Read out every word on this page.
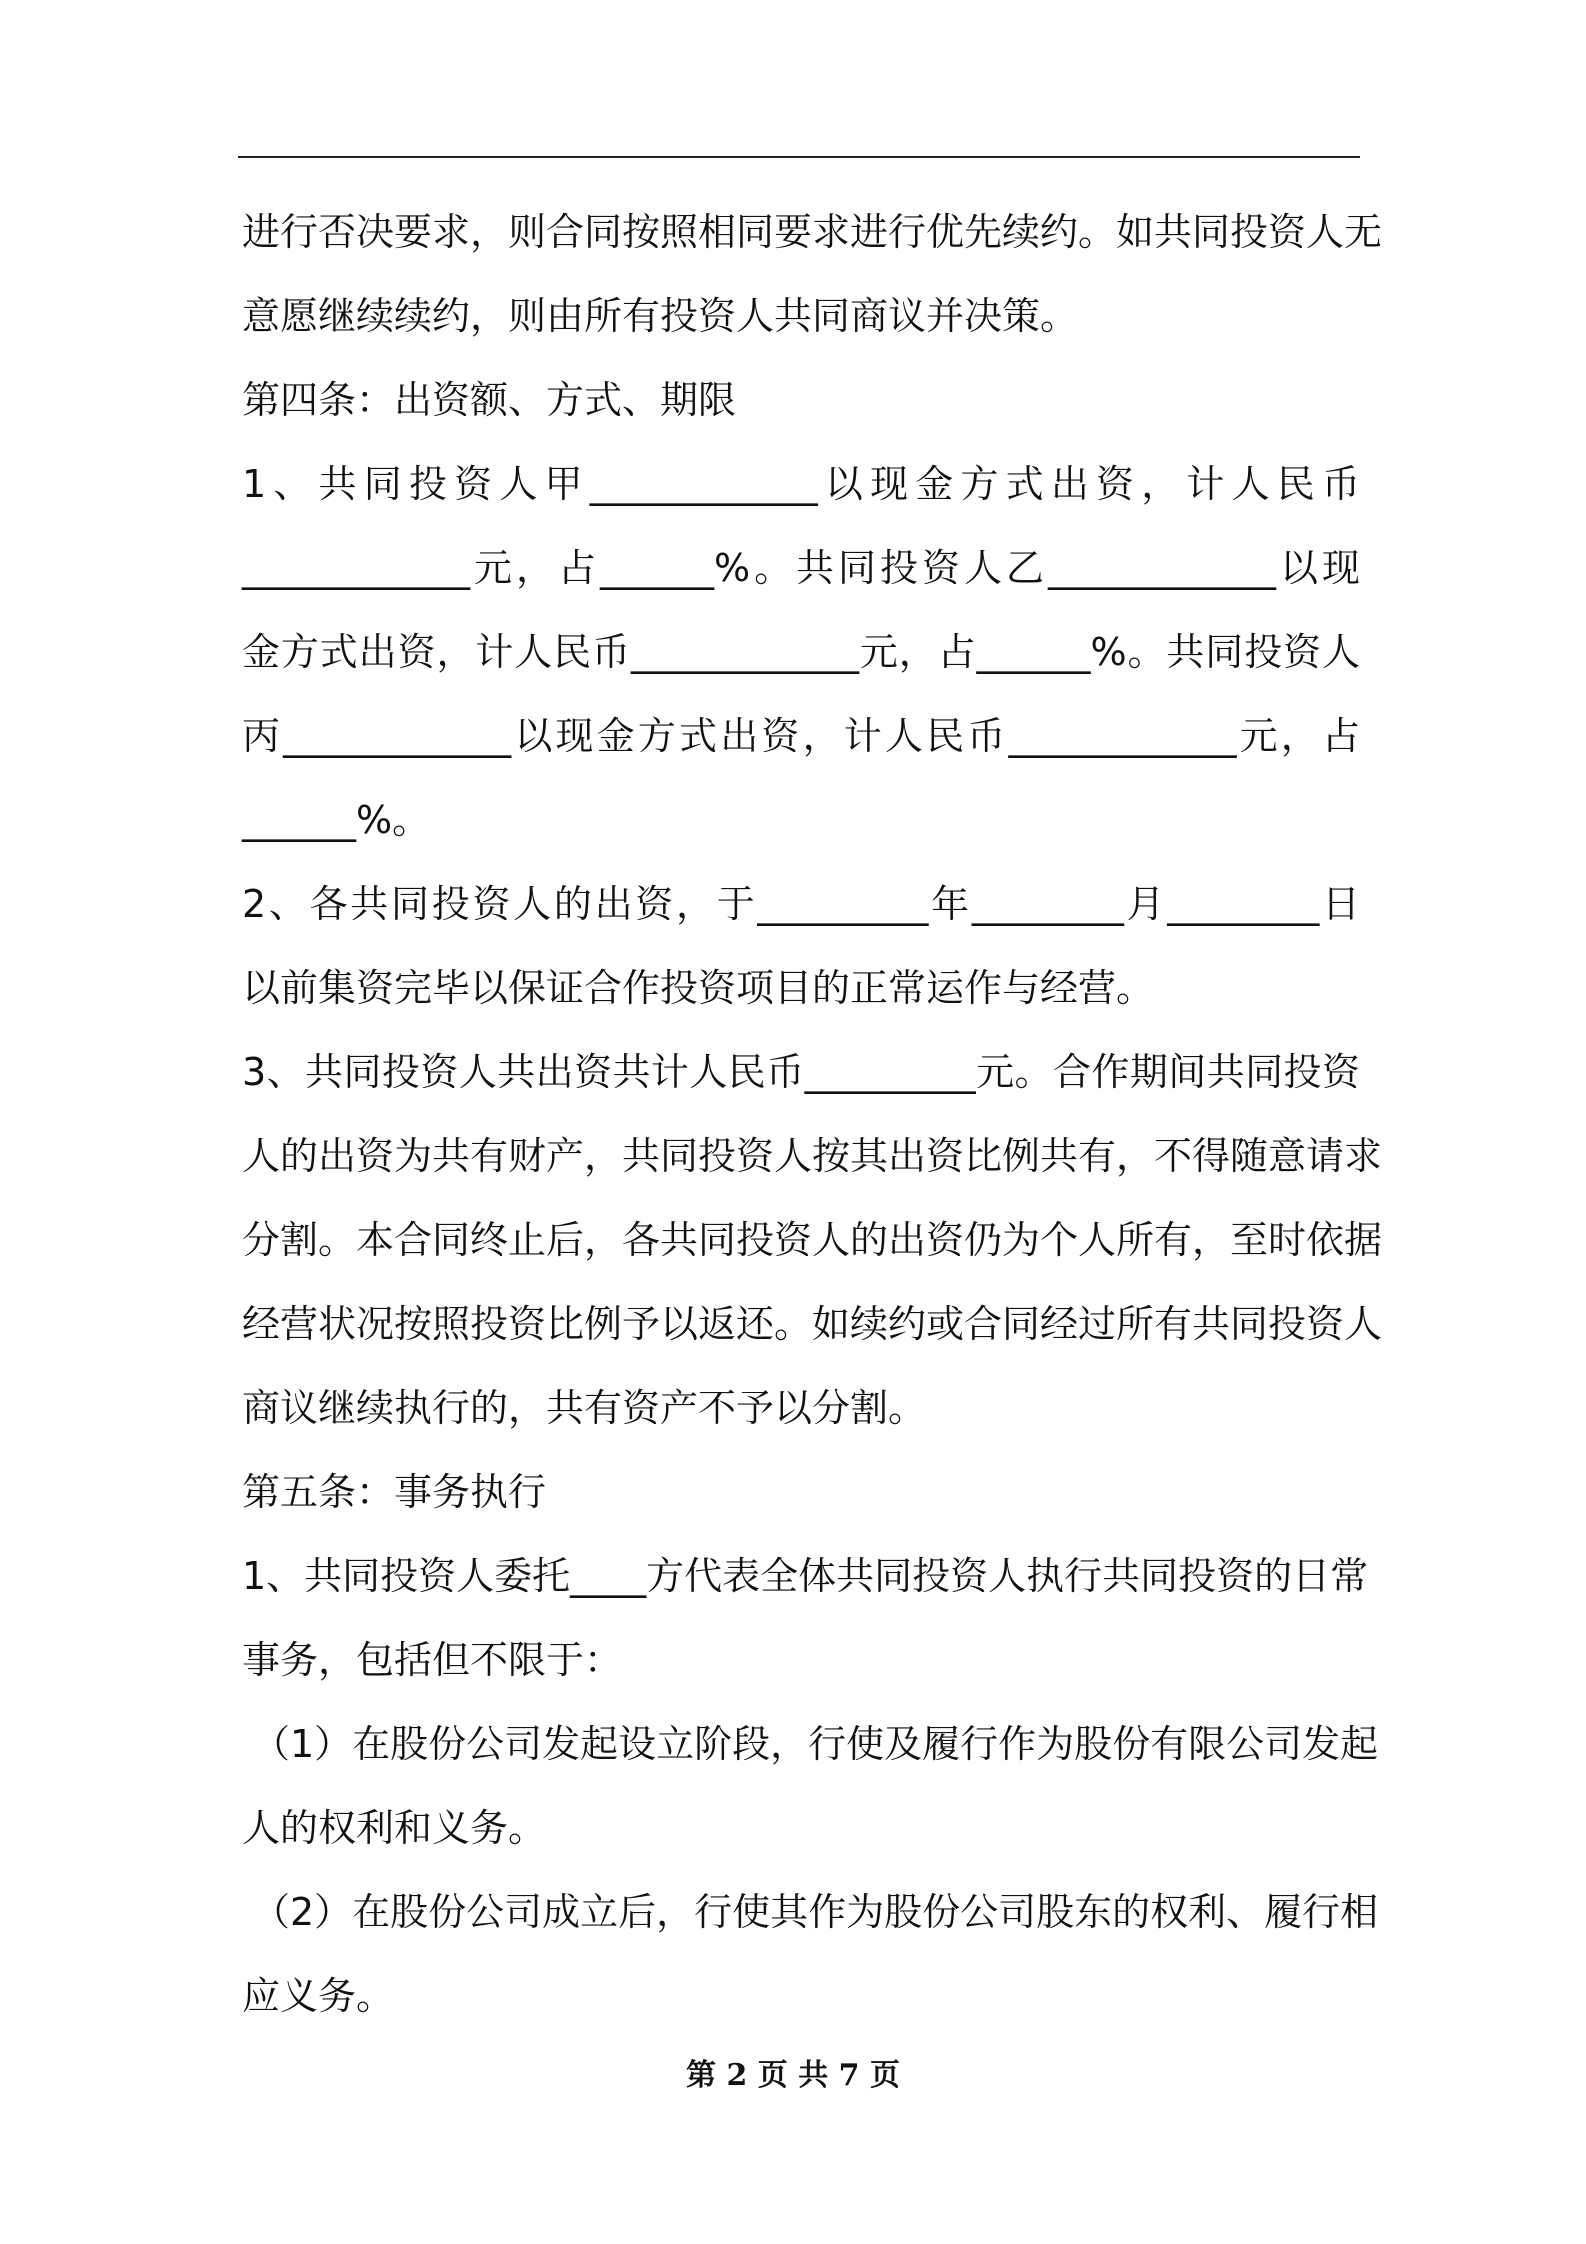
进行否决要求，则合同按照相同要求进行优先续约。如共同投资人无
意愿继续续约，则由所有投资人共同商议并决策。
第四条：出资额、方式、期限
1、共同投资人甲____________以现金方式出资，计人民币
____________元，占______%。共同投资人乙____________以现
金方式出资，计人民币____________元，占______%。共同投资人
丙____________以现金方式出资，计人民币____________元，占
______%。
2、各共同投资人的出资，于_________年________月________日
以前集资完毕以保证合作投资项目的正常运作与经营。
3、共同投资人共出资共计人民币_________元。合作期间共同投资
人的出资为共有财产，共同投资人按其出资比例共有，不得随意请求
分割。本合同终止后，各共同投资人的出资仍为个人所有，至时依据
经营状况按照投资比例予以返还。如续约或合同经过所有共同投资人
商议继续执行的，共有资产不予以分割。
第五条：事务执行
1、共同投资人委托____方代表全体共同投资人执行共同投资的日常
事务，包括但不限于：
（1）在股份公司发起设立阶段，行使及履行作为股份有限公司发起
人的权利和义务。
（2）在股份公司成立后，行使其作为股份公司股东的权利、履行相
应义务。
第 2 页 共 7 页
